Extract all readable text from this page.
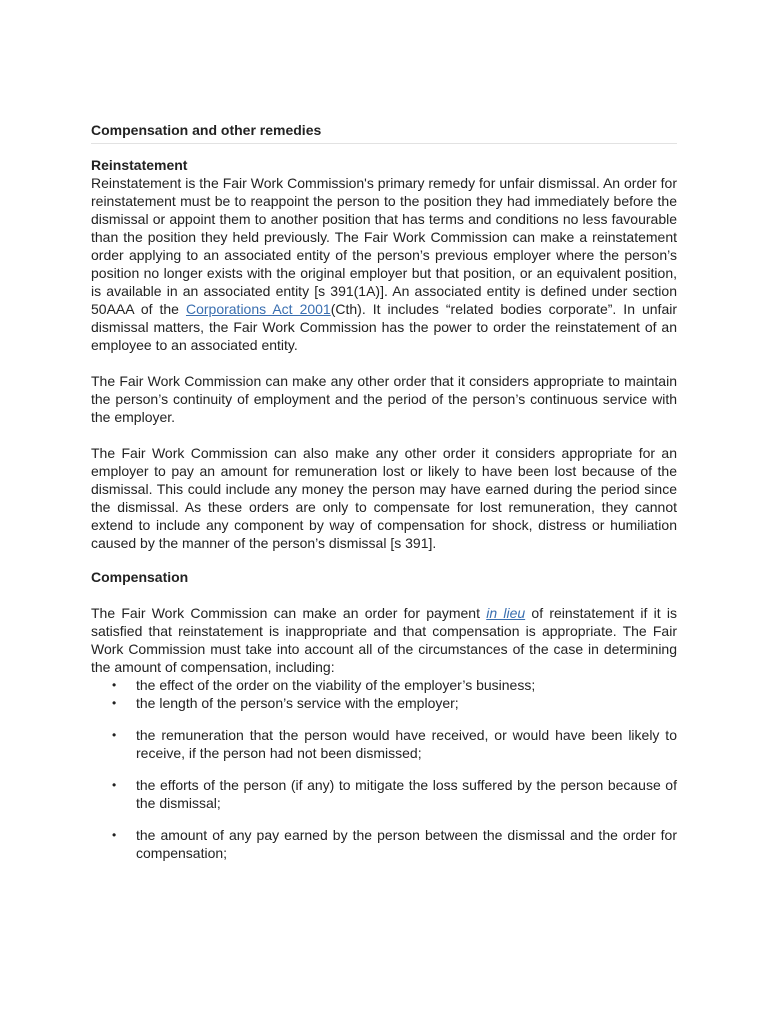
Compensation and other remedies
Reinstatement

Reinstatement is the Fair Work Commission's primary remedy for unfair dismissal. An order for reinstatement must be to reappoint the person to the position they had immediately before the dismissal or appoint them to another position that has terms and conditions no less favourable than the position they held previously. The Fair Work Commission can make a reinstatement order applying to an associated entity of the person’s previous employer where the person’s position no longer exists with the original employer but that position, or an equivalent position, is available in an associated entity [s 391(1A)]. An associated entity is defined under section 50AAA of the Corporations Act 2001(Cth). It includes “related bodies corporate”. In unfair dismissal matters, the Fair Work Commission has the power to order the reinstatement of an employee to an associated entity.

The Fair Work Commission can make any other order that it considers appropriate to maintain the person’s continuity of employment and the period of the person’s continuous service with the employer.

The Fair Work Commission can also make any other order it considers appropriate for an employer to pay an amount for remuneration lost or likely to have been lost because of the dismissal. This could include any money the person may have earned during the period since the dismissal. As these orders are only to compensate for lost remuneration, they cannot extend to include any component by way of compensation for shock, distress or humiliation caused by the manner of the person’s dismissal [s 391].

Compensation

The Fair Work Commission can make an order for payment in lieu of reinstatement if it is satisfied that reinstatement is inappropriate and that compensation is appropriate. The Fair Work Commission must take into account all of the circumstances of the case in determining the amount of compensation, including:

• the effect of the order on the viability of the employer’s business;
• the length of the person’s service with the employer;
• the remuneration that the person would have received, or would have been likely to receive, if the person had not been dismissed;
• the efforts of the person (if any) to mitigate the loss suffered by the person because of the dismissal;
• the amount of any pay earned by the person between the dismissal and the order for compensation;
